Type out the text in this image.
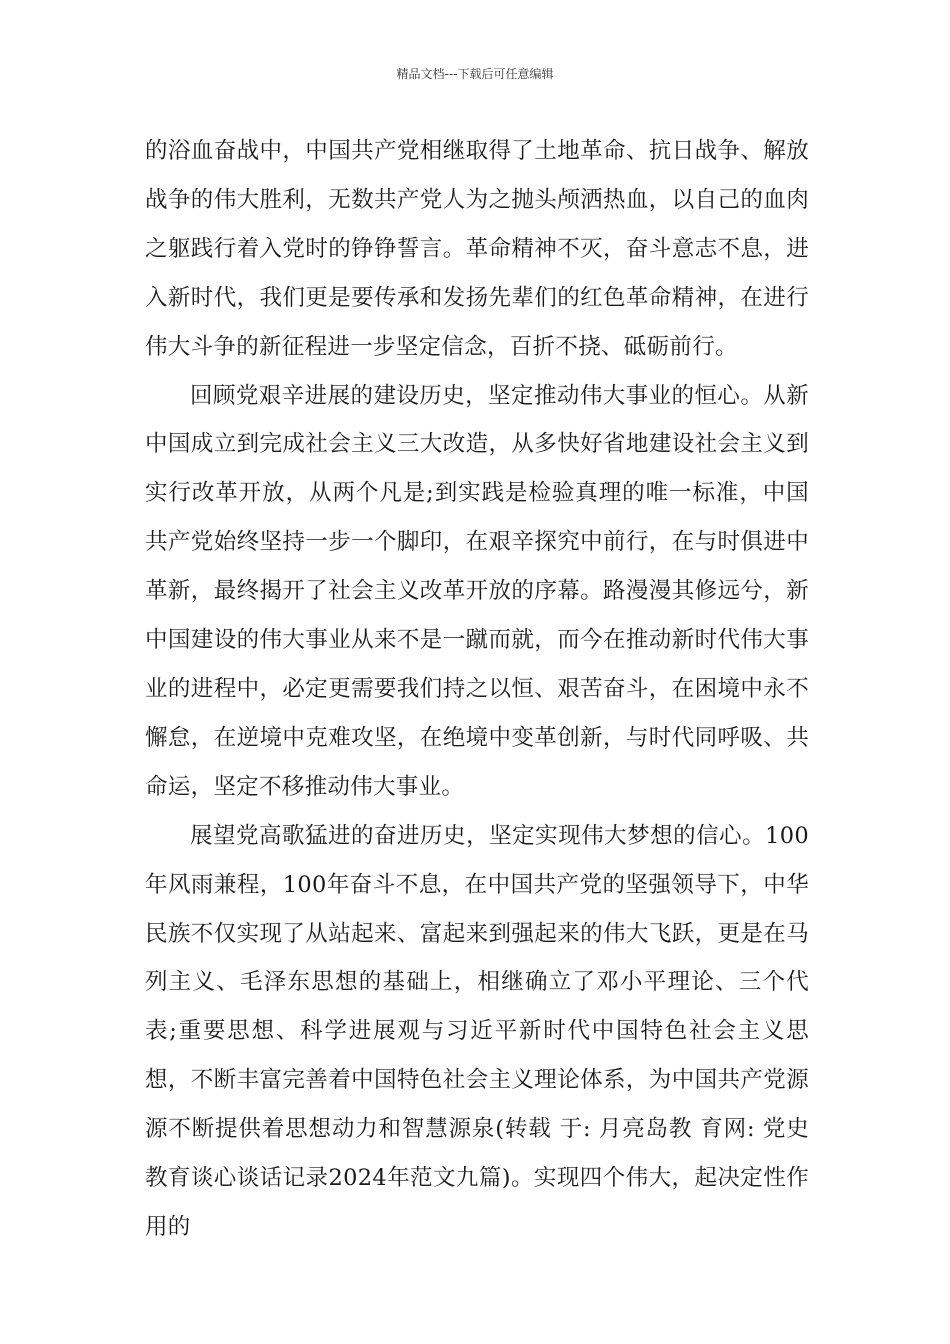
精品文档---下载后可任意编辑

的浴血奋战中，中国共产党相继取得了土地革命、抗日战争、解放战争的伟大胜利，无数共产党人为之抛头颅洒热血，以自己的血肉之躯践行着入党时的铮铮誓言。革命精神不灭，奋斗意志不息，进入新时代，我们更是要传承和发扬先辈们的红色革命精神，在进行伟大斗争的新征程进一步坚定信念，百折不挠、砥砺前行。

回顾党艰辛进展的建设历史，坚定推动伟大事业的恒心。从新中国成立到完成社会主义三大改造，从多快好省地建设社会主义到实行改革开放，从两个凡是;到实践是检验真理的唯一标准，中国共产党始终坚持一步一个脚印，在艰辛探究中前行，在与时俱进中革新，最终揭开了社会主义改革开放的序幕。路漫漫其修远兮，新中国建设的伟大事业从来不是一蹴而就，而今在推动新时代伟大事业的进程中，必定更需要我们持之以恒、艰苦奋斗，在困境中永不懈怠，在逆境中克难攻坚，在绝境中变革创新，与时代同呼吸、共命运，坚定不移推动伟大事业。

展望党高歌猛进的奋进历史，坚定实现伟大梦想的信心。100年风雨兼程，100年奋斗不息，在中国共产党的坚强领导下，中华民族不仅实现了从站起来、富起来到强起来的伟大飞跃，更是在马列主义、毛泽东思想的基础上，相继确立了邓小平理论、三个代表;重要思想、科学进展观与习近平新时代中国特色社会主义思想，不断丰富完善着中国特色社会主义理论体系，为中国共产党源源不断提供着思想动力和智慧源泉(转载 于: 月亮岛教 育网: 党史教育谈心谈话记录2024年范文九篇)。实现四个伟大，起决定性作用的
